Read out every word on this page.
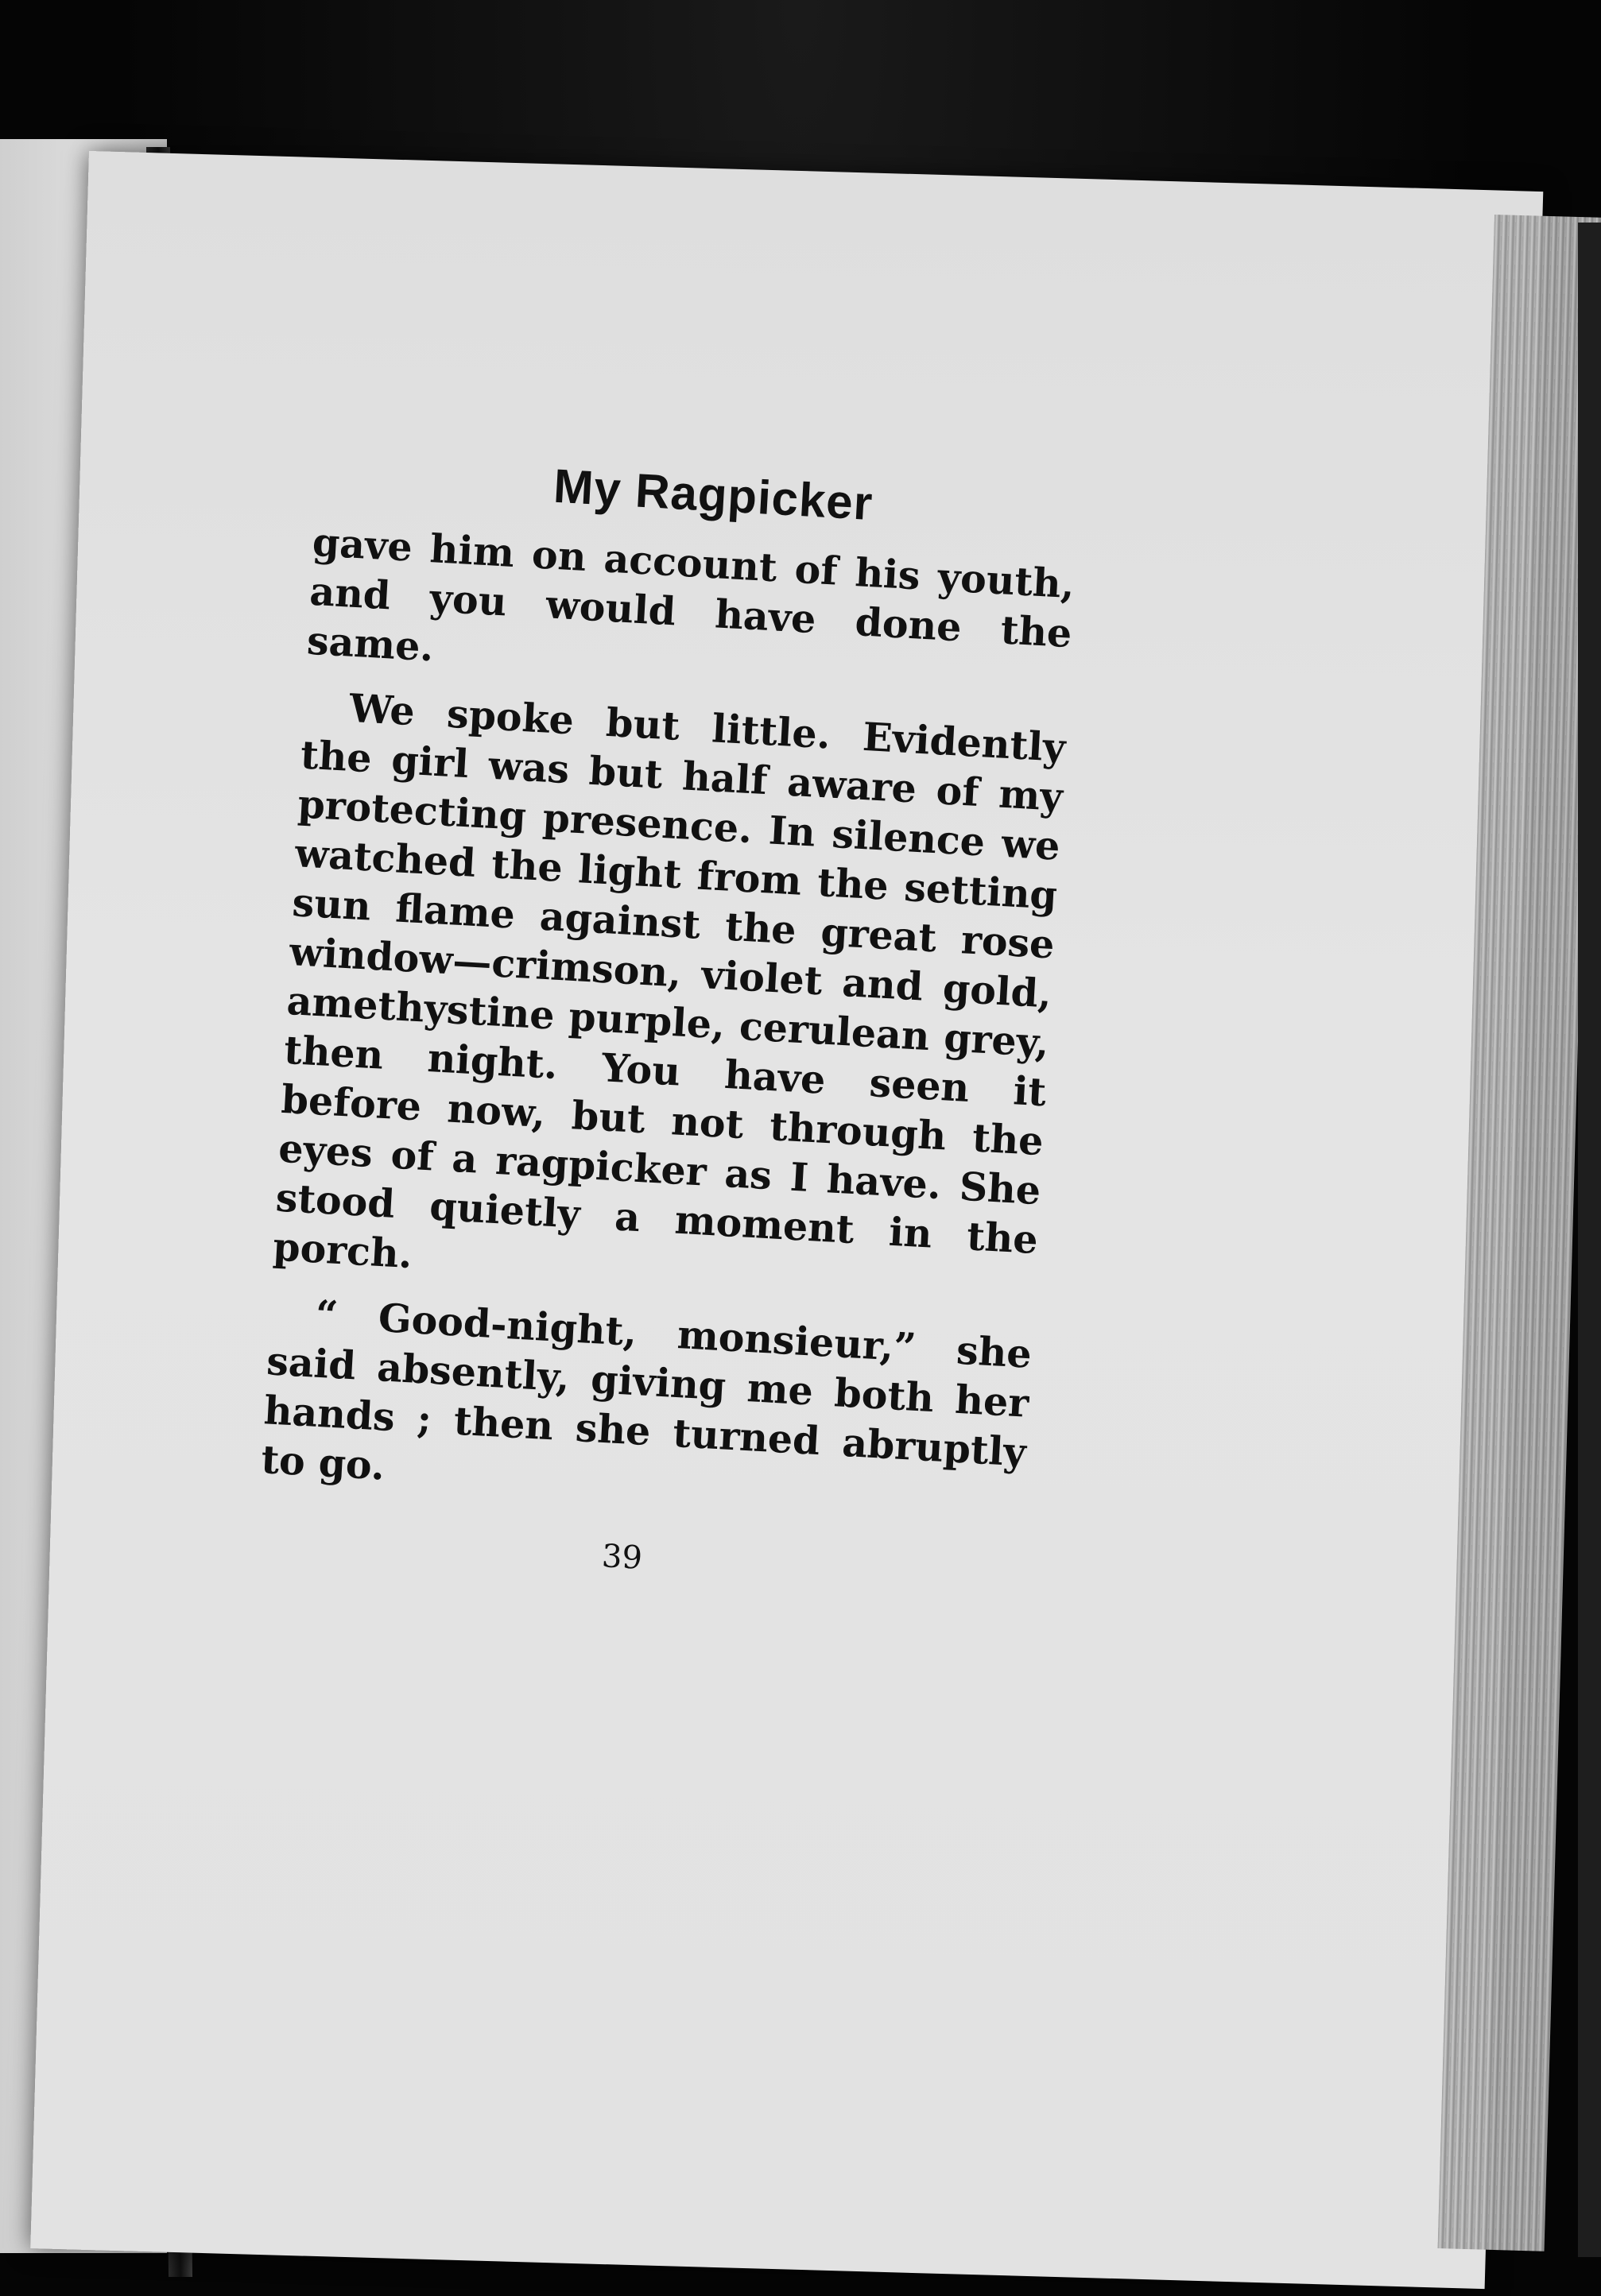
My Ragpicker

gave him on account of his youth, and you would have done the same.

We spoke but little. Evidently the girl was but half aware of my protecting presence. In silence we watched the light from the setting sun flame against the great rose window—crimson, violet and gold, amethystine purple, cerulean grey, then night. You have seen it before now, but not through the eyes of a ragpicker as I have. She stood quietly a moment in the porch.

“ Good-night, monsieur,” she said absently, giving me both her hands ; then she turned abruptly to go.

39
